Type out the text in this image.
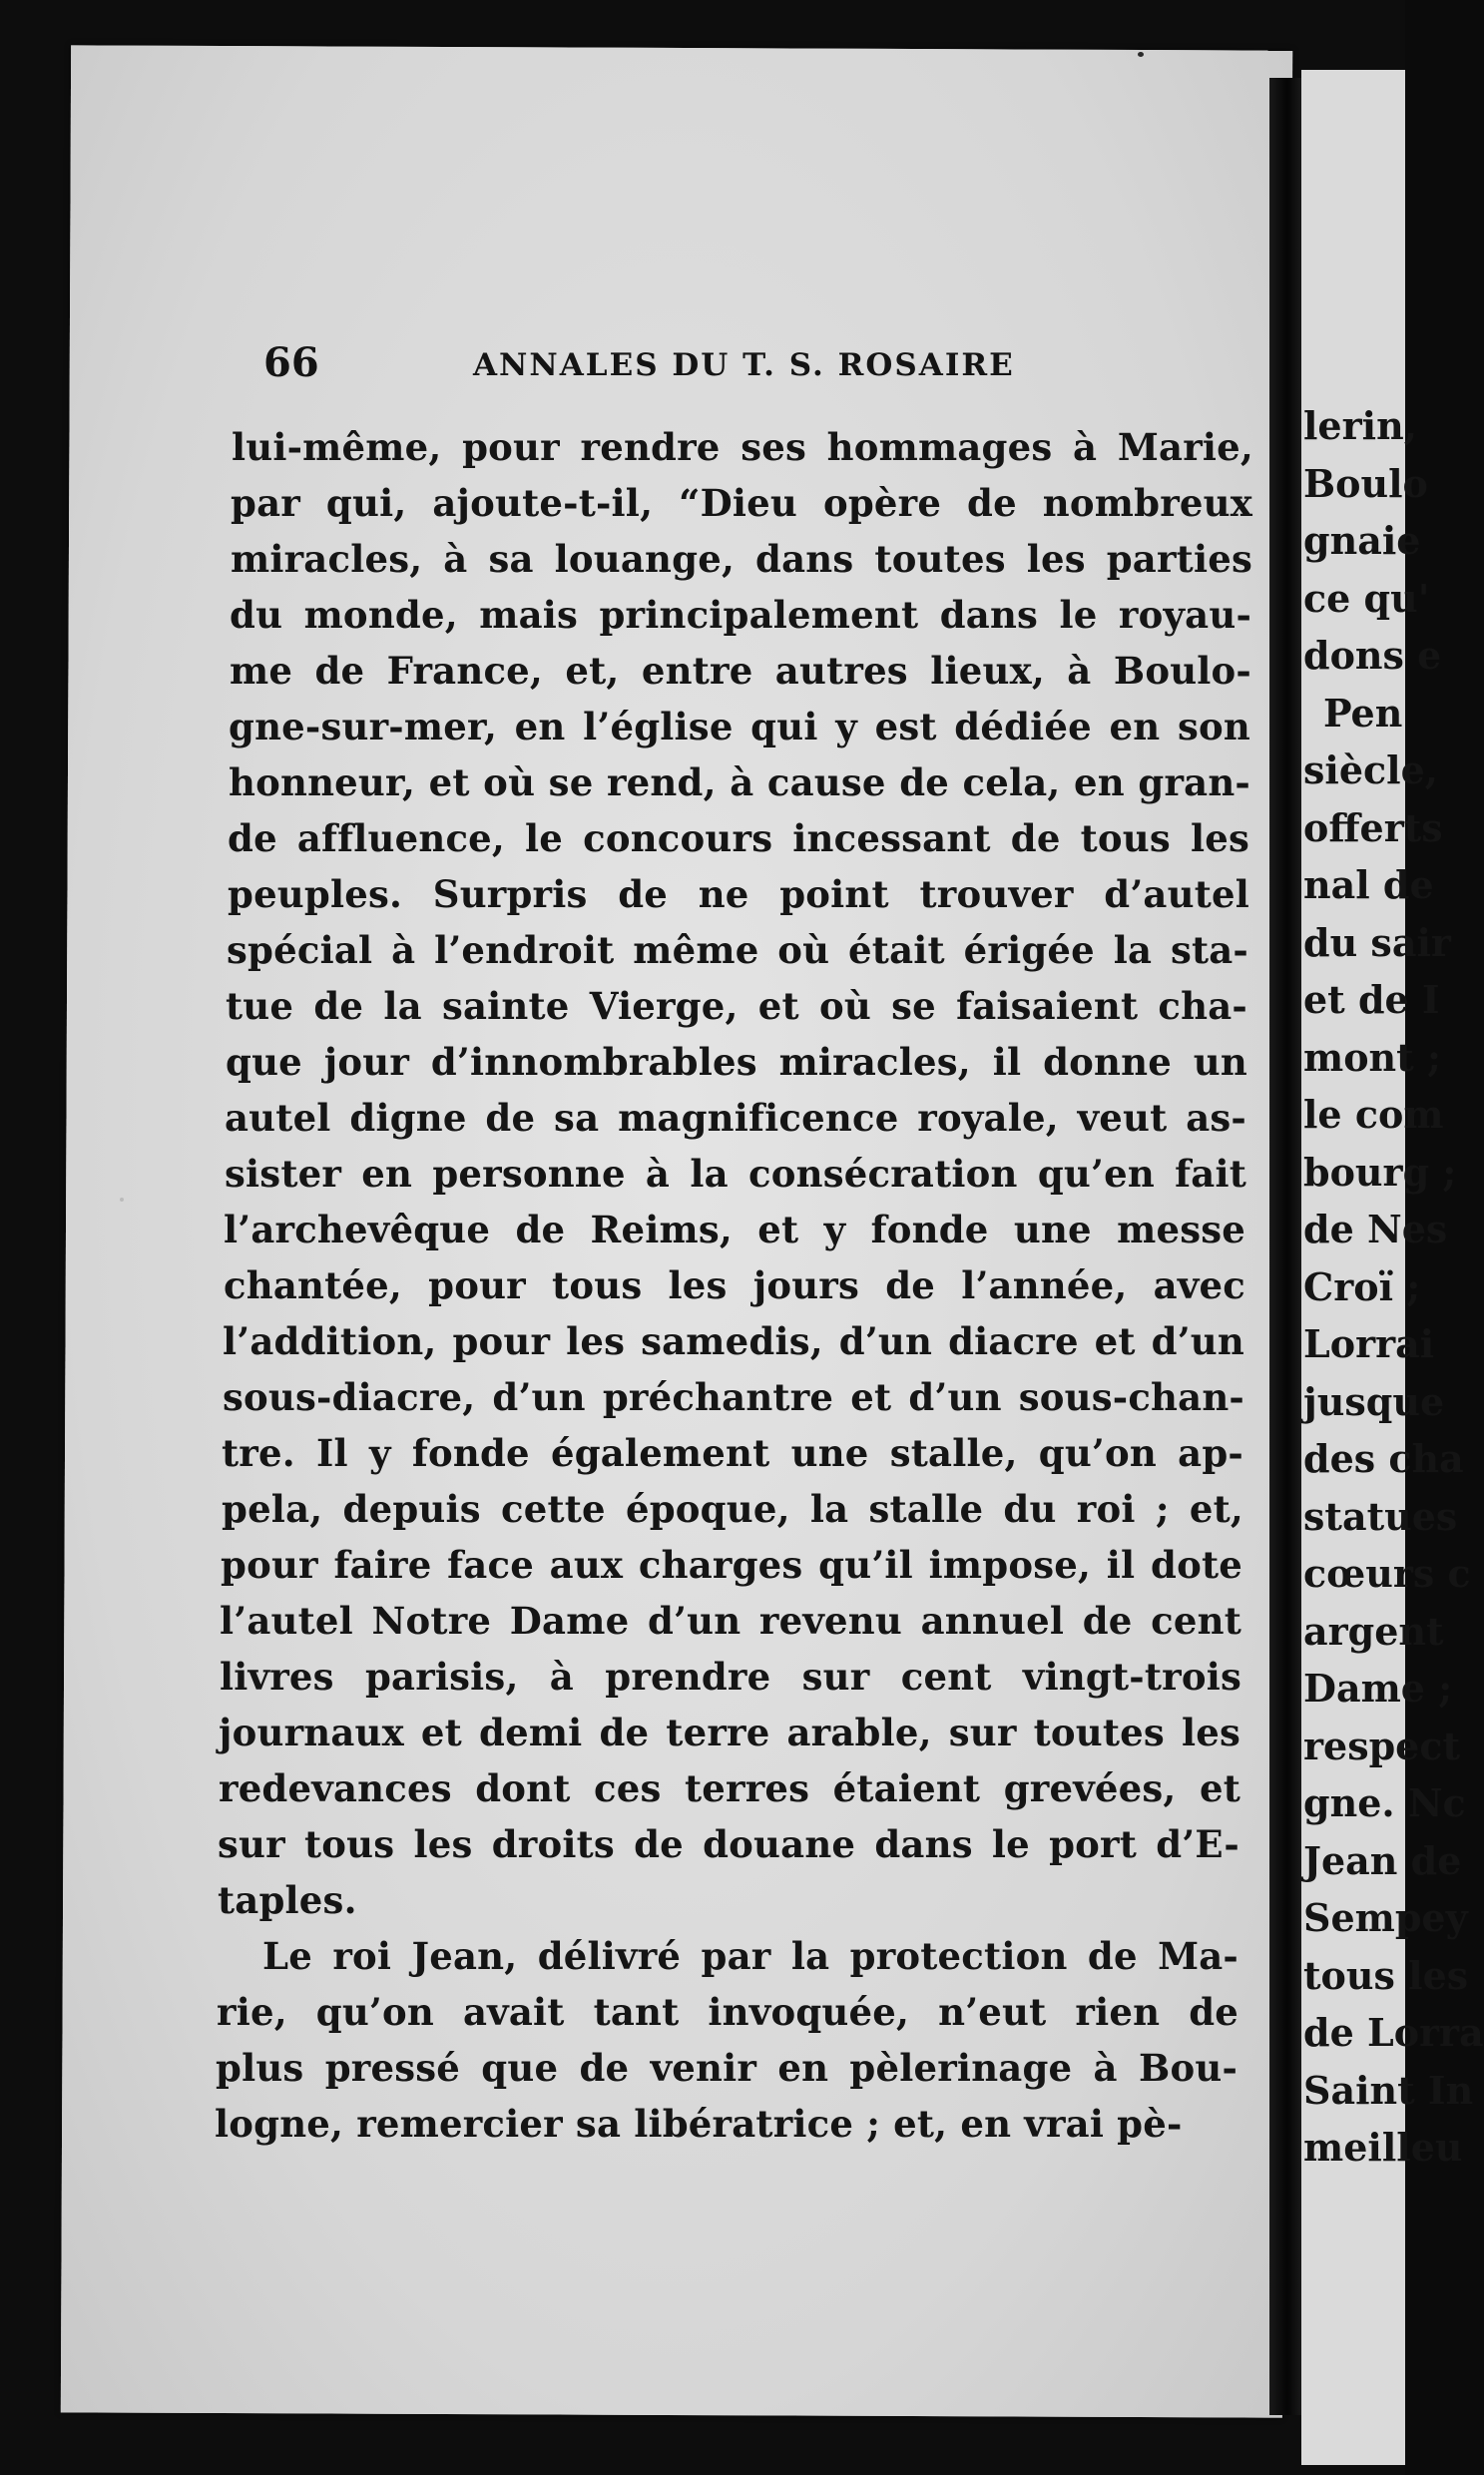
lerin,
Boulo
gnaie
ce qu'
dons e
Pen
siècle,
offerts
nal de
du sair
et de I
mont ;
le com
bourg ;
de Nes
Croï ;
Lorrai
jusque
des cha
statues
cœurs c
argent
Dame ;
respect
gne. Nc
Jean de
Sempey
tous les
de Lorra
Saint In
meilleu
66	ANNALES DU T. S. ROSAIRE
lui-même, pour rendre ses hommages à Marie,
par qui, ajoute-t-il, “Dieu opère de nombreux
miracles, à sa louange, dans toutes les parties
du monde, mais principalement dans le royau-
me de France, et, entre autres lieux, à Boulo-
gne-sur-mer, en l’église qui y est dédiée en son
honneur, et où se rend, à cause de cela, en gran-
de affluence, le concours incessant de tous les
peuples. Surpris de ne point trouver d’autel
spécial à l’endroit même où était érigée la sta-
tue de la sainte Vierge, et où se faisaient cha-
que jour d’innombrables miracles, il donne un
autel digne de sa magnificence royale, veut as-
sister en personne à la consécration qu’en fait
l’archevêque de Reims, et y fonde une messe
chantée, pour tous les jours de l’année, avec
l’addition, pour les samedis, d’un diacre et d’un
sous-diacre, d’un préchantre et d’un sous-chan-
tre. Il y fonde également une stalle, qu’on ap-
pela, depuis cette époque, la stalle du roi ; et,
pour faire face aux charges qu’il impose, il dote
l’autel Notre Dame d’un revenu annuel de cent
livres parisis, à prendre sur cent vingt-trois
journaux et demi de terre arable, sur toutes les
redevances dont ces terres étaient grevées, et
sur tous les droits de douane dans le port d’E-
taples.
Le roi Jean, délivré par la protection de Ma-
rie, qu’on avait tant invoquée, n’eut rien de
plus pressé que de venir en pèlerinage à Bou-
logne, remercier sa libératrice ; et, en vrai pè-
